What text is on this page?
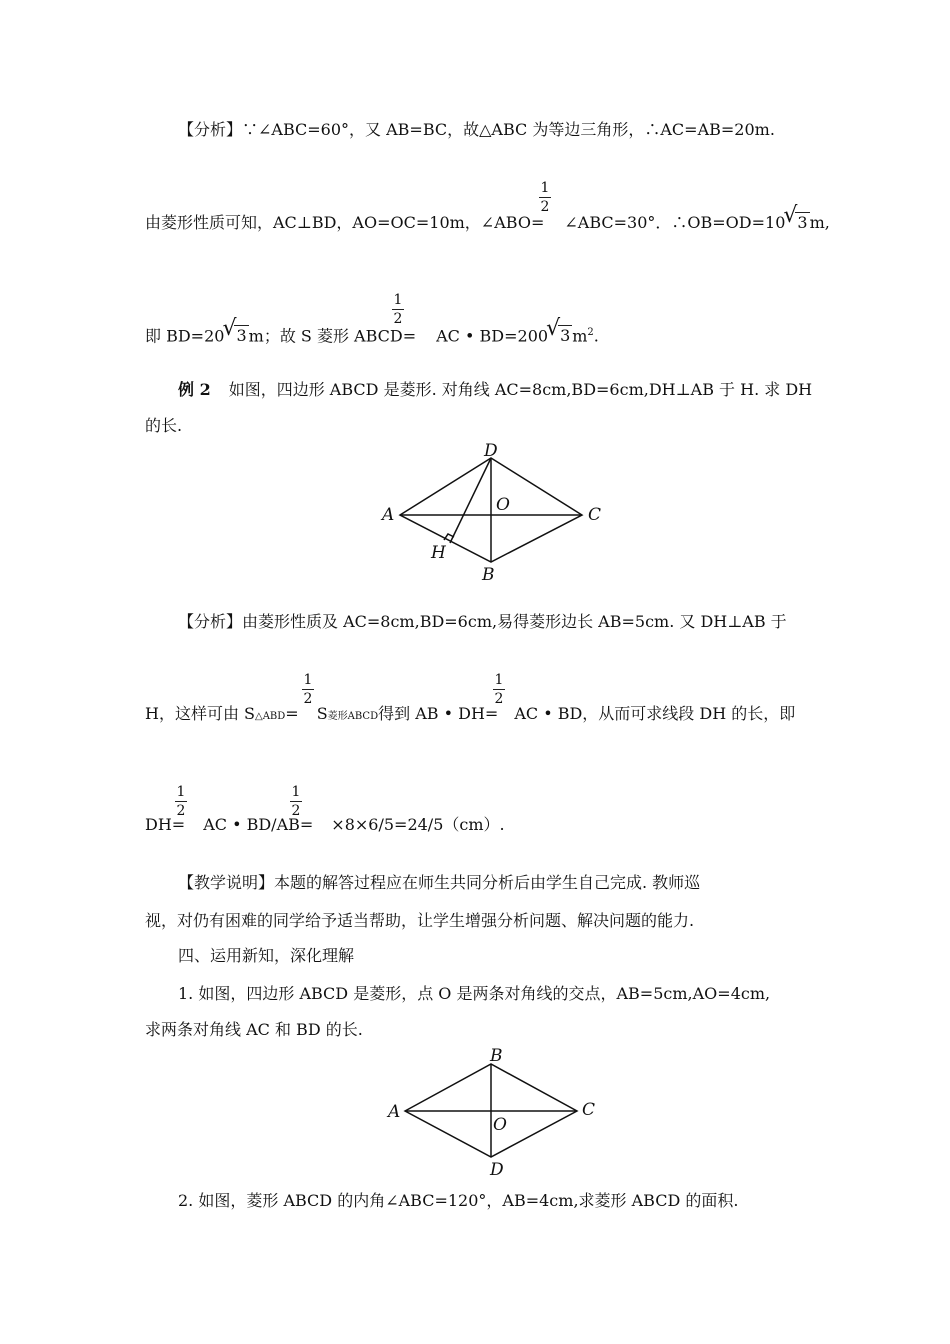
【分析】∵∠ABC=60°，又 AB=BC，故△ABC 为等边三角形，∴AC=AB=20m.
由菱形性质可知，AC⊥BD，AO=OC=10m，∠ABO= ∠ABC=30°．∴OB=OD=10 √ 3 m,
1
2
即 BD=20 √ 3 m；故 S 菱形 ABCD= AC • BD=200 √ 3 $m^2$.
1
2
例 2 如图，四边形 ABCD 是菱形. 对角线 AC=8cm,BD=6cm,DH⊥AB 于 H. 求 DH
的长.
A
D
C
B
O
H
【分析】由菱形性质及 AC=8cm,BD=6cm,易得菱形边长 AB=5cm. 又 DH⊥AB 于
H，这样可由 S△ABD= S菱形ABCD得到 AB • DH= AC • BD，从而可求线段 DH 的长，即
1
2
1
2
DH= AC • BD/AB= ×8×6/5=24/5（cm）.
1
2
1
2
【教学说明】本题的解答过程应在师生共同分析后由学生自己完成. 教师巡
视，对仍有困难的同学给予适当帮助，让学生增强分析问题、解决问题的能力.
四、运用新知，深化理解
1. 如图，四边形 ABCD 是菱形，点 O 是两条对角线的交点，AB=5cm,AO=4cm,
求两条对角线 AC 和 BD 的长.
A
B
C
D
O
2. 如图，菱形 ABCD 的内角∠ABC=120°，AB=4cm,求菱形 ABCD 的面积.
